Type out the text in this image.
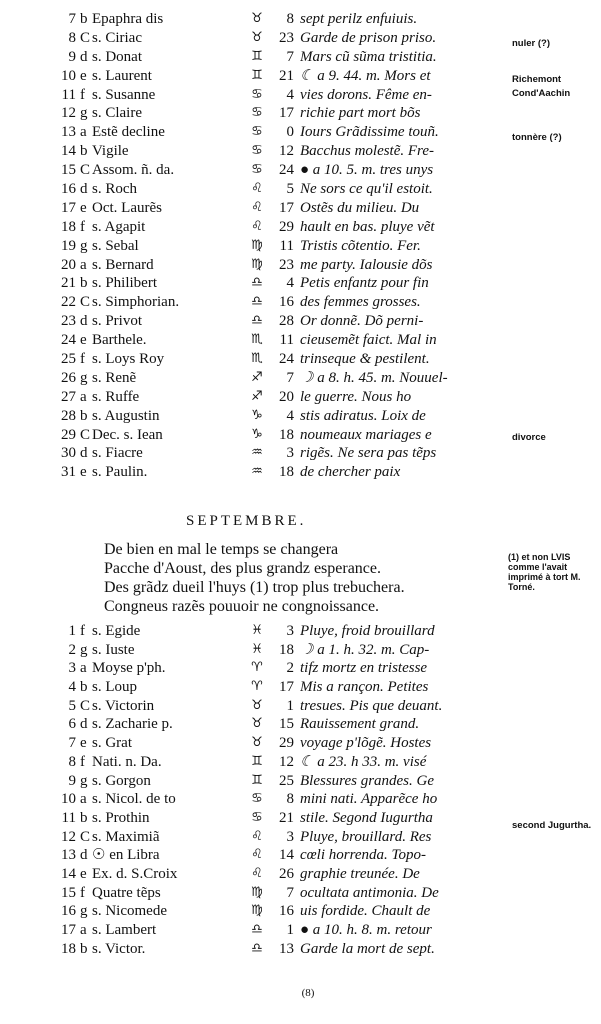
7 b Epaphra dis	♉	8 sept perilz enfuiuis.
8 C s. Ciriac	♉	23 Garde de prison priso.
9 d s. Donat	♊	7 Mars cũ sũma tristitia.
10 e s. Laurent	♊	21 ☾ a 9. 44. m. Mors et
11 f s. Susanne	♋	4 vies dorons. Fême en-
12 g s. Claire	♋	17 richie part mort bõs
13 a Estẽ decline	♋	0 Iours Grãdissime touñ.
14 b Vigile	♋	12 Bacchus molestẽ. Fre-
15 C Assom. ñ. da.	♋	24 ● a 10. 5. m. tres unys
16 d s. Roch	♌	5 Ne sors ce qu'il estoit.
17 e Oct. Laurẽs	♌	17 Ostẽs du milieu. Du
18 f s. Agapit	♌	29 hault en bas. pluye vẽt
19 g s. Sebal	♍	11 Tristis cõtentio. Fer.
20 a s. Bernard	♍	23 me party. Ialousie dõs
21 b s. Philibert	♎	4 Petis enfantz pour fin
22 C s. Simphorian.	♎	16 des femmes grosses.
23 d s. Privot	♎	28 Or donnẽ. Dõ perni-
24 e Barthele.	♏	11 cieusemẽt faict. Mal in
25 f s. Loys Roy	♏	24 trinseque & pestilent.
26 g s. Renẽ	♐	7 ☽ a 8. h. 45. m. Nouuel-
27 a s. Ruffe	♐	20 le guerre. Nous ho
28 b s. Augustin	♑	4 stis adiratus. Loix de
29 C Dec. s. Iean	♑	18 noumeaux mariages e
30 d s. Fiacre	♒	3 rigẽs. Ne sera pas tẽps
31 e s. Paulin.	♒	18 de chercher paix
nuler (?)
Richemont
Cond'Aachin
tonnère (?)
divorce
SEPTEMBRE.
De bien en mal le temps se changera
Pacche d'Aoust, des plus grandz esperance.
Des grãdz dueil l'huys (1) trop plus trebuchera.
Congneus razẽs pouuoir ne congnoissance.
(1) et non LVIS comme l'avait imprimé à tort M. Torné.
1 f s. Egide	♓	3 Pluye, froid brouillard
2 g s. Iuste	♓	18 ☽ a 1. h. 32. m. Cap-
3 a Moyse p'ph.	♈	2 tifz mortz en tristesse
4 b s. Loup	♈	17 Mis a rançon. Petites
5 C s. Victorin	♉	1 tresues. Pis que deuant.
6 d s. Zacharie p.	♉	15 Rauissement grand.
7 e s. Grat	♉	29 voyage p'lõgẽ. Hostes
8 f Nati. n. Da.	♊	12 ☾ a 23. h 33. m. visé
9 g s. Gorgon	♊	25 Blessures grandes. Ge
10 a s. Nicol. de to	♋	8 mini nati. Apparẽce ho
11 b s. Prothin	♋	21 stile. Segond Iugurtha
12 C s. Maximiã	♌	3 Pluye, brouillard. Res
13 d ☉ en Libra	♌	14 cœli horrenda. Topo-
14 e Ex. d. S.Croix	♌	26 graphie treunée. De
15 f Quatre tẽps	♍	7 ocultata antimonia. De
16 g s. Nicomede	♍	16 uis fordide. Chault de
17 a s. Lambert	♎	1 ● a 10. h. 8. m. retour
18 b s. Victor.	♎	13 Garde la mort de sept.
second Jugurtha.
(8)
